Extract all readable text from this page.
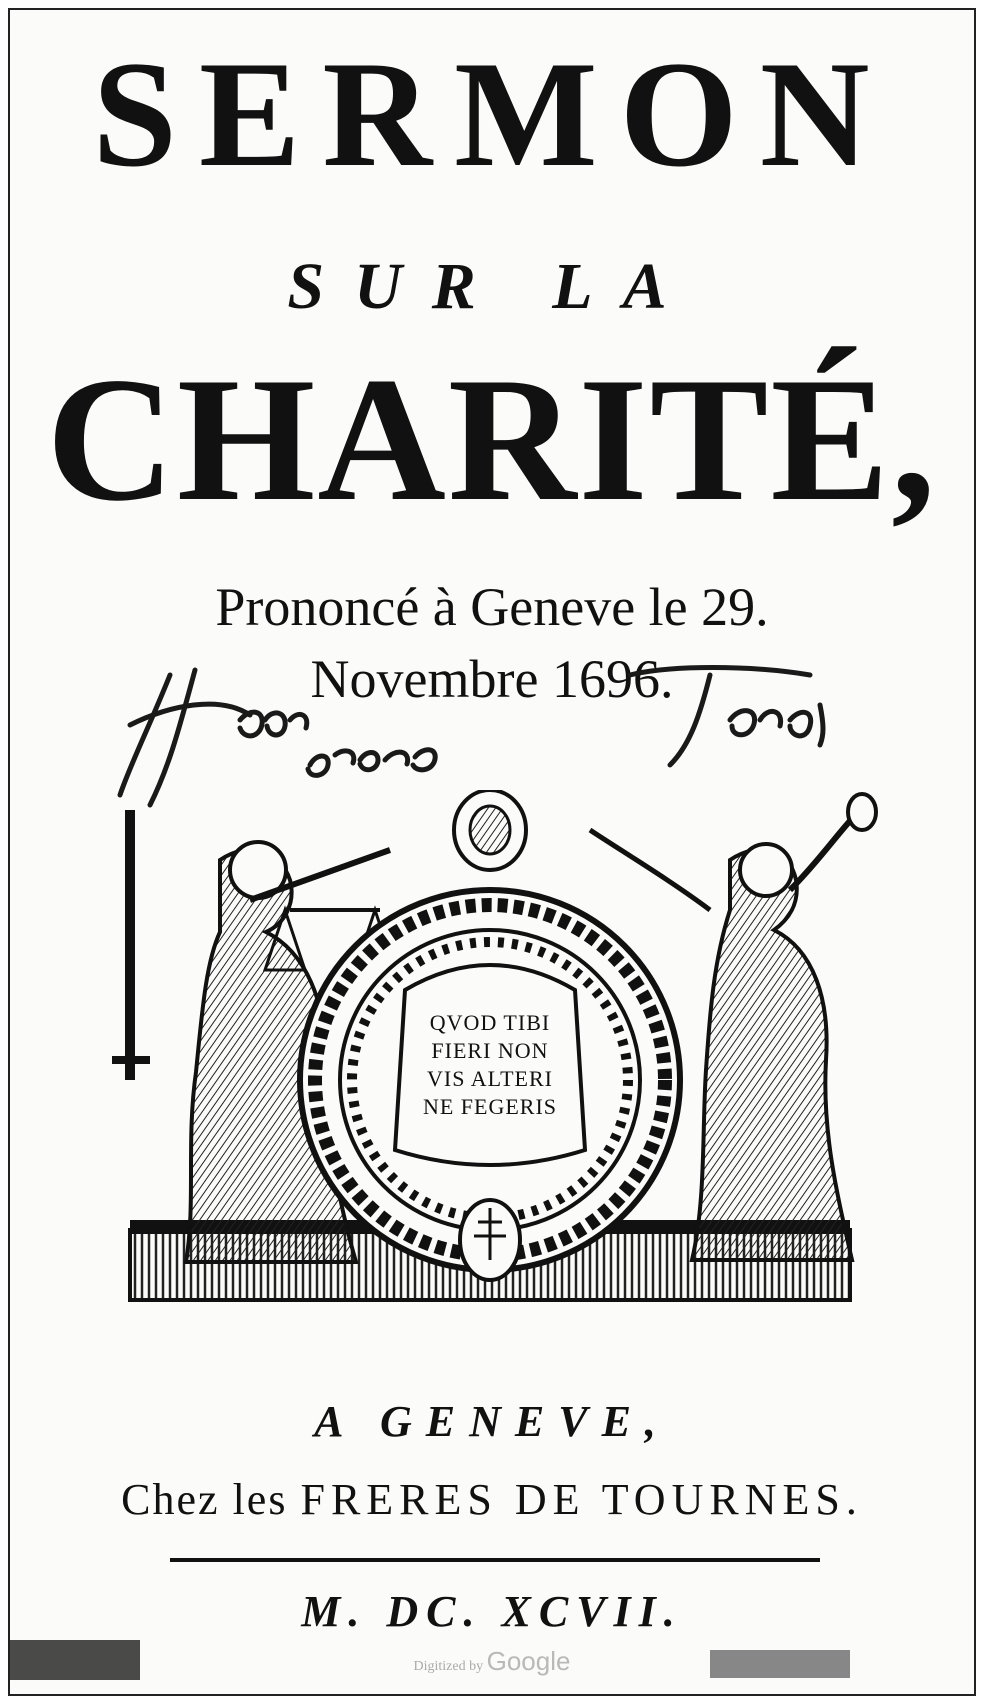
SERMON
SUR LA
CHARITÉ,
Prononcé à Geneve le 29.
Novembre 1696.
QVOD TIBI
FIERI NON
VIS ALTERI
NE FEGERIS
A GENEVE,
Chez les FRERES DE TOURNES.
M. DC. XCVII.
Digitized by Google
